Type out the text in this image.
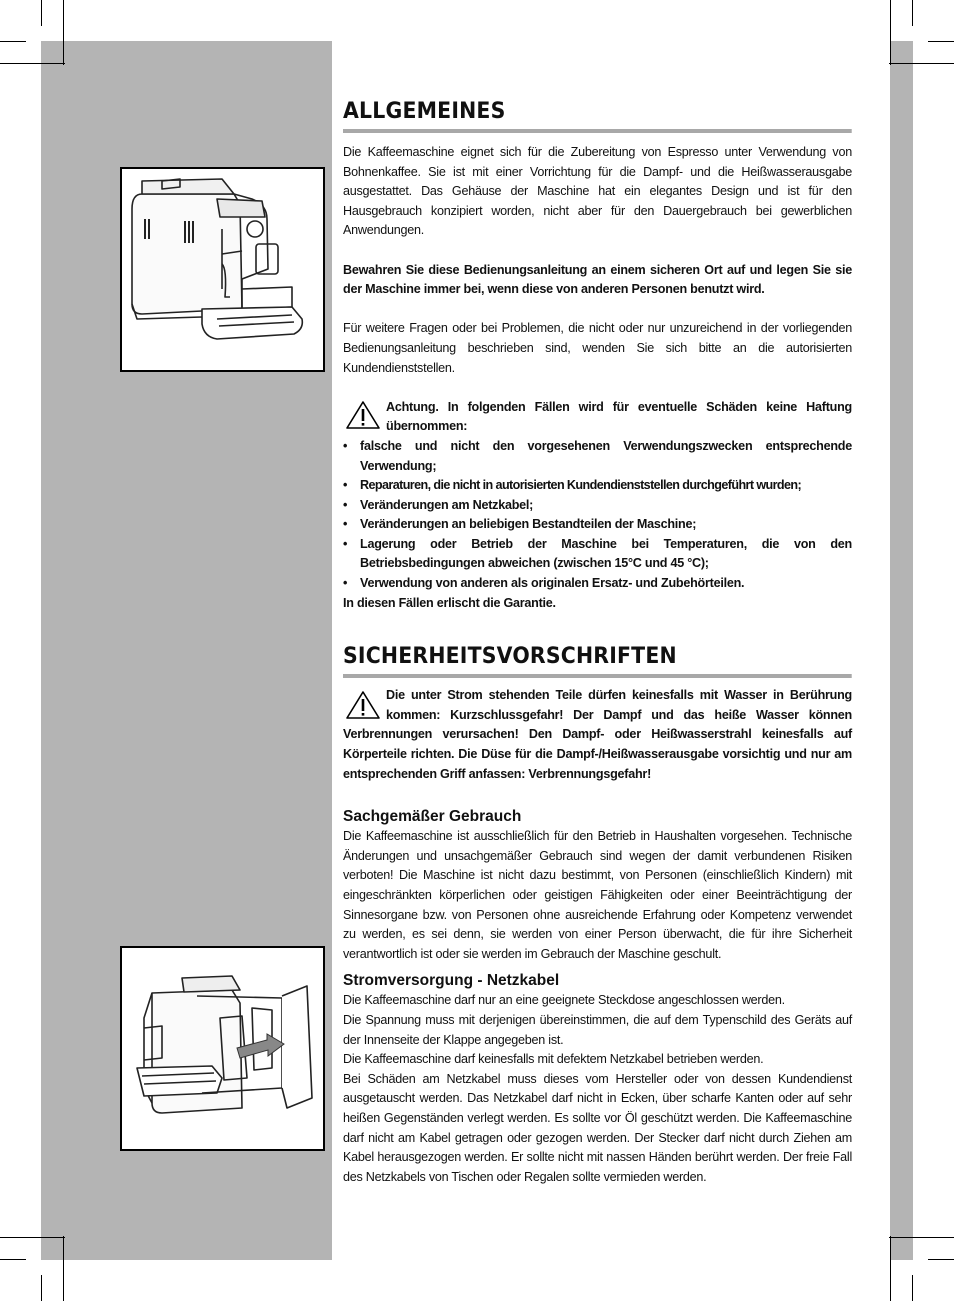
ALLGEMEINES

Die Kaffeemaschine eignet sich für die Zubereitung von Espresso unter Verwendung von Bohnenkaffee. Sie ist mit einer Vorrichtung für die Dampf- und die Heißwasserausgabe ausgestattet. Das Gehäuse der Maschine hat ein elegantes Design und ist für den Hausgebrauch konzipiert worden, nicht aber für den Dauergebrauch bei gewerblichen Anwendungen.

Bewahren Sie diese Bedienungsanleitung an einem sicheren Ort auf und legen Sie sie der Maschine immer bei, wenn diese von anderen Personen benutzt wird.

Für weitere Fragen oder bei Problemen, die nicht oder nur unzureichend in der vorliegenden Bedienungsanleitung beschrieben sind, wenden Sie sich bitte an die autorisierten Kundendienststellen.

Achtung. In folgenden Fällen wird für eventuelle Schäden keine Haftung übernommen:

• falsche und nicht den vorgesehenen Verwendungszwecken entsprechende Verwendung;
• Reparaturen, die nicht in autorisierten Kundendienststellen durchgeführt wurden;
• Veränderungen am Netzkabel;
• Veränderungen an beliebigen Bestandteilen der Maschine;
• Lagerung oder Betrieb der Maschine bei Temperaturen, die von den Betriebsbedingungen abweichen (zwischen 15°C und 45 °C);
• Verwendung von anderen als originalen Ersatz- und Zubehörteilen.

In diesen Fällen erlischt die Garantie.

SICHERHEITSVORSCHRIFTEN

Die unter Strom stehenden Teile dürfen keinesfalls mit Wasser in Berührung kommen: Kurzschlussgefahr! Der Dampf und das heiße Wasser können Verbrennungen verursachen! Den Dampf- oder Heißwasserstrahl keinesfalls auf Körperteile richten. Die Düse für die Dampf-/Heißwasserausgabe vorsichtig und nur am entsprechenden Griff anfassen: Verbrennungsgefahr!

Sachgemäßer Gebrauch

Die Kaffeemaschine ist ausschließlich für den Betrieb in Haushalten vorgesehen. Technische Änderungen und unsachgemäßer Gebrauch sind wegen der damit verbundenen Risiken verboten! Die Maschine ist nicht dazu bestimmt, von Personen (einschließlich Kindern) mit eingeschränkten körperlichen oder geistigen Fähigkeiten oder einer Beeinträchtigung der Sinnesorgane bzw. von Personen ohne ausreichende Erfahrung oder Kompetenz verwendet zu werden, es sei denn, sie werden von einer Person überwacht, die für ihre Sicherheit verantwortlich ist oder sie werden im Gebrauch der Maschine geschult.

Stromversorgung - Netzkabel

Die Kaffeemaschine darf nur an eine geeignete Steckdose angeschlossen werden.

Die Spannung muss mit derjenigen übereinstimmen, die auf dem Typenschild des Geräts auf der Innenseite der Klappe angegeben ist.

Die Kaffeemaschine darf keinesfalls mit defektem Netzkabel betrieben werden.

Bei Schäden am Netzkabel muss dieses vom Hersteller oder von dessen Kundendienst ausgetauscht werden. Das Netzkabel darf nicht in Ecken, über scharfe Kanten oder auf sehr heißen Gegenständen verlegt werden. Es sollte vor Öl geschützt werden. Die Kaffeemaschine darf nicht am Kabel getragen oder gezogen werden. Der Stecker darf nicht durch Ziehen am Kabel herausgezogen werden. Er sollte nicht mit nassen Händen berührt werden. Der freie Fall des Netzkabels von Tischen oder Regalen sollte vermieden werden.
